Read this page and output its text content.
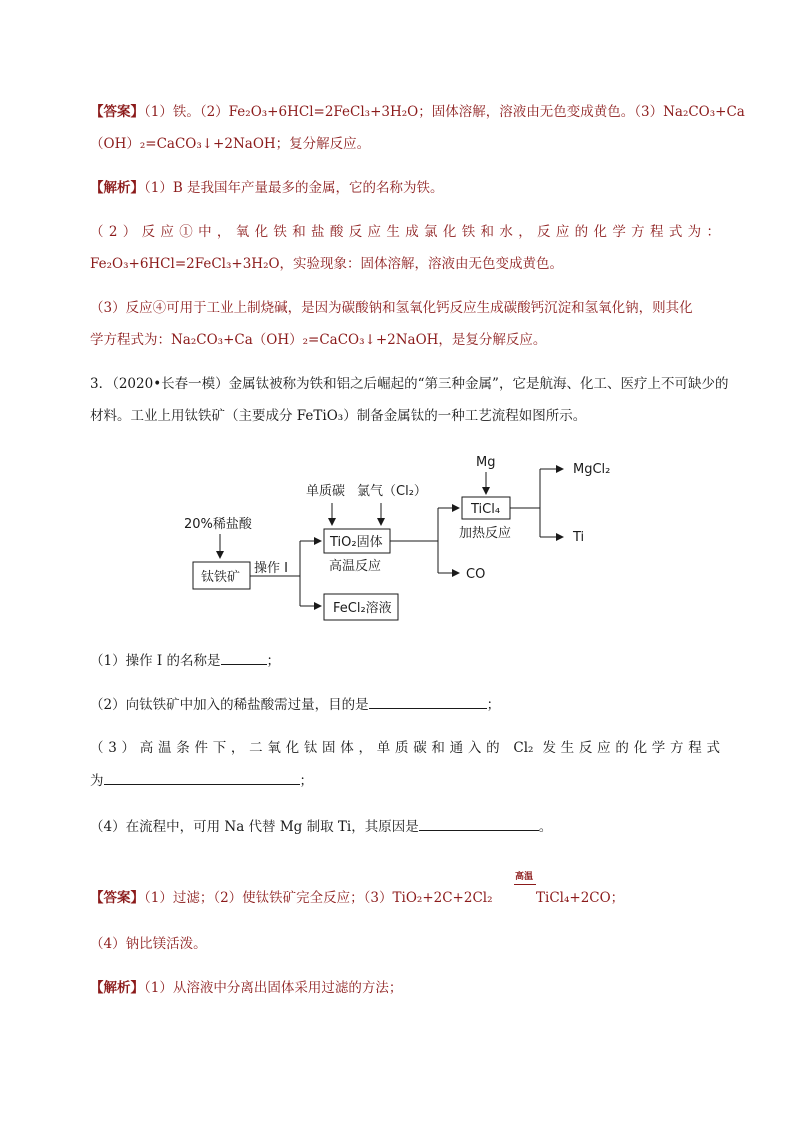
【答案】（1）铁。（2）Fe₂O₃+6HCl=2FeCl₃+3H₂O；固体溶解，溶液由无色变成黄色。（3）Na₂CO₃+Ca
（OH）₂=CaCO₃↓+2NaOH；复分解反应。
【解析】（1）B 是我国年产量最多的金属，它的名称为铁。
（2）反应①中，氧化铁和盐酸反应生成氯化铁和水，反应的化学方程式为：
Fe₂O₃+6HCl=2FeCl₃+3H₂O，实验现象：固体溶解，溶液由无色变成黄色。
（3）反应④可用于工业上制烧碱，是因为碳酸钠和氢氧化钙反应生成碳酸钙沉淀和氢氧化钠，则其化
学方程式为：Na₂CO₃+Ca（OH）₂=CaCO₃↓+2NaOH，是复分解反应。
3．（2020•长春一模）金属钛被称为铁和铝之后崛起的“第三种金属”，它是航海、化工、医疗上不可缺少的
材料。工业上用钛铁矿（主要成分 FeTiO₃）制备金属钛的一种工艺流程如图所示。
20%稀盐酸
钛铁矿
操作 I
单质碳 氯气（Cl₂）
TiO₂固体
高温反应
FeCl₂溶液
CO
Mg
TiCl₄
加热反应
MgCl₂
Ti
（1）操作 I 的名称是	；
（2）向钛铁矿中加入的稀盐酸需过量，目的是	；
（3）高温条件下，二氧化钛固体，单质碳和通入的 Cl₂ 发生反应的化学方程式
为	；
（4）在流程中，可用 Na 代替 Mg 制取 Ti，其原因是	。
高温
【答案】（1）过滤；（2）使钛铁矿完全反应；（3）TiO₂+2C+2Cl₂	TiCl₄+2CO；
（4）钠比镁活泼。
【解析】（1）从溶液中分离出固体采用过滤的方法；
